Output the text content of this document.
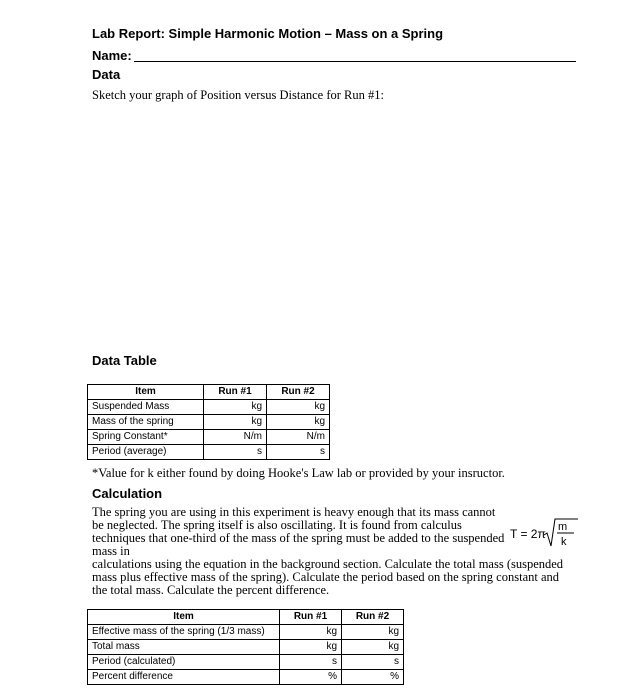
Lab Report: Simple Harmonic Motion – Mass on a Spring
Name:
Data
Sketch your graph of Position versus Distance for Run #1:
Data Table
Item	Run #1	Run #2
Suspended Mass	kg	kg
Mass of the spring	kg	kg
Spring Constant*	N/m	N/m
Period (average)	s	s
*Value for k either found by doing Hooke's Law lab or provided by your insructor.
Calculation
The spring you are using in this experiment is heavy enough that its mass cannot be neglected. The spring itself is also oscillating. It is found from calculus techniques that one-third of the mass of the spring must be added to the suspended mass in
calculations using the equation in the background section. Calculate the total mass (suspended mass plus effective mass of the spring). Calculate the period based on the spring constant and the total mass. Calculate the percent difference.
T = 2π m
k
Item	Run #1	Run #2
Effective mass of the spring (1/3 mass)	kg	kg
Total mass	kg	kg
Period (calculated)	s	s
Percent difference	%	%
